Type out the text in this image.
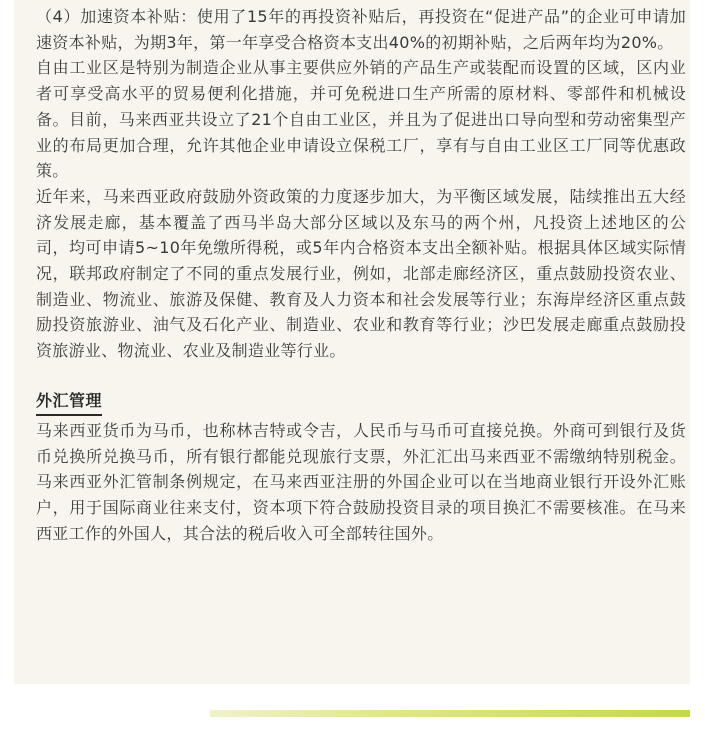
（4）加速资本补贴：使用了15年的再投资补贴后，再投资在“促进产品”的企业可申请加速资本补贴，为期3年，第一年享受合格资本支出40%的初期补贴，之后两年均为20%。

自由工业区是特别为制造企业从事主要供应外销的产品生产或装配而设置的区域，区内业者可享受高水平的贸易便利化措施，并可免税进口生产所需的原材料、零部件和机械设备。目前，马来西亚共设立了21个自由工业区，并且为了促进出口导向型和劳动密集型产业的布局更加合理，允许其他企业申请设立保税工厂，享有与自由工业区工厂同等优惠政策。

近年来，马来西亚政府鼓励外资政策的力度逐步加大，为平衡区域发展，陆续推出五大经济发展走廊，基本覆盖了西马半岛大部分区域以及东马的两个州，凡投资上述地区的公司，均可申请5~10年免缴所得税，或5年内合格资本支出全额补贴。根据具体区域实际情况，联邦政府制定了不同的重点发展行业，例如，北部走廊经济区，重点鼓励投资农业、制造业、物流业、旅游及保健、教育及人力资本和社会发展等行业；东海岸经济区重点鼓励投资旅游业、油气及石化产业、制造业、农业和教育等行业；沙巴发展走廊重点鼓励投资旅游业、物流业、农业及制造业等行业。

外汇管理

马来西亚货币为马币，也称林吉特或令吉，人民币与马币可直接兑换。外商可到银行及货币兑换所兑换马币，所有银行都能兑现旅行支票，外汇汇出马来西亚不需缴纳特别税金。马来西亚外汇管制条例规定，在马来西亚注册的外国企业可以在当地商业银行开设外汇账户，用于国际商业往来支付，资本项下符合鼓励投资目录的项目换汇不需要核准。在马来西亚工作的外国人，其合法的税后收入可全部转往国外。
